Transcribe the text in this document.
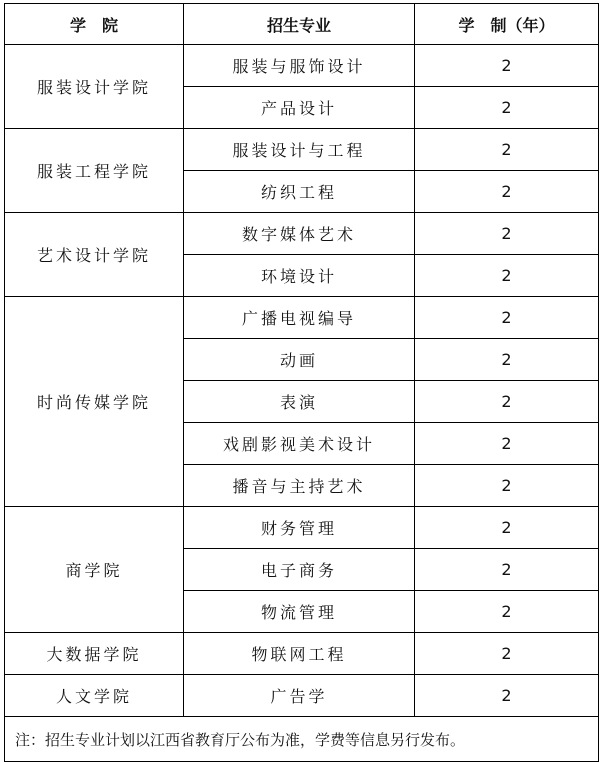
学　院	招生专业	学　制（年）
服装设计学院	服装与服饰设计	2
	产品设计	2
服装工程学院	服装设计与工程	2
	纺织工程	2
艺术设计学院	数字媒体艺术	2
	环境设计	2
时尚传媒学院	广播电视编导	2
	动画	2
	表演	2
	戏剧影视美术设计	2
	播音与主持艺术	2
商学院	财务管理	2
	电子商务	2
	物流管理	2
大数据学院	物联网工程	2
人文学院	广告学	2
注：招生专业计划以江西省教育厅公布为准，学费等信息另行发布。		
